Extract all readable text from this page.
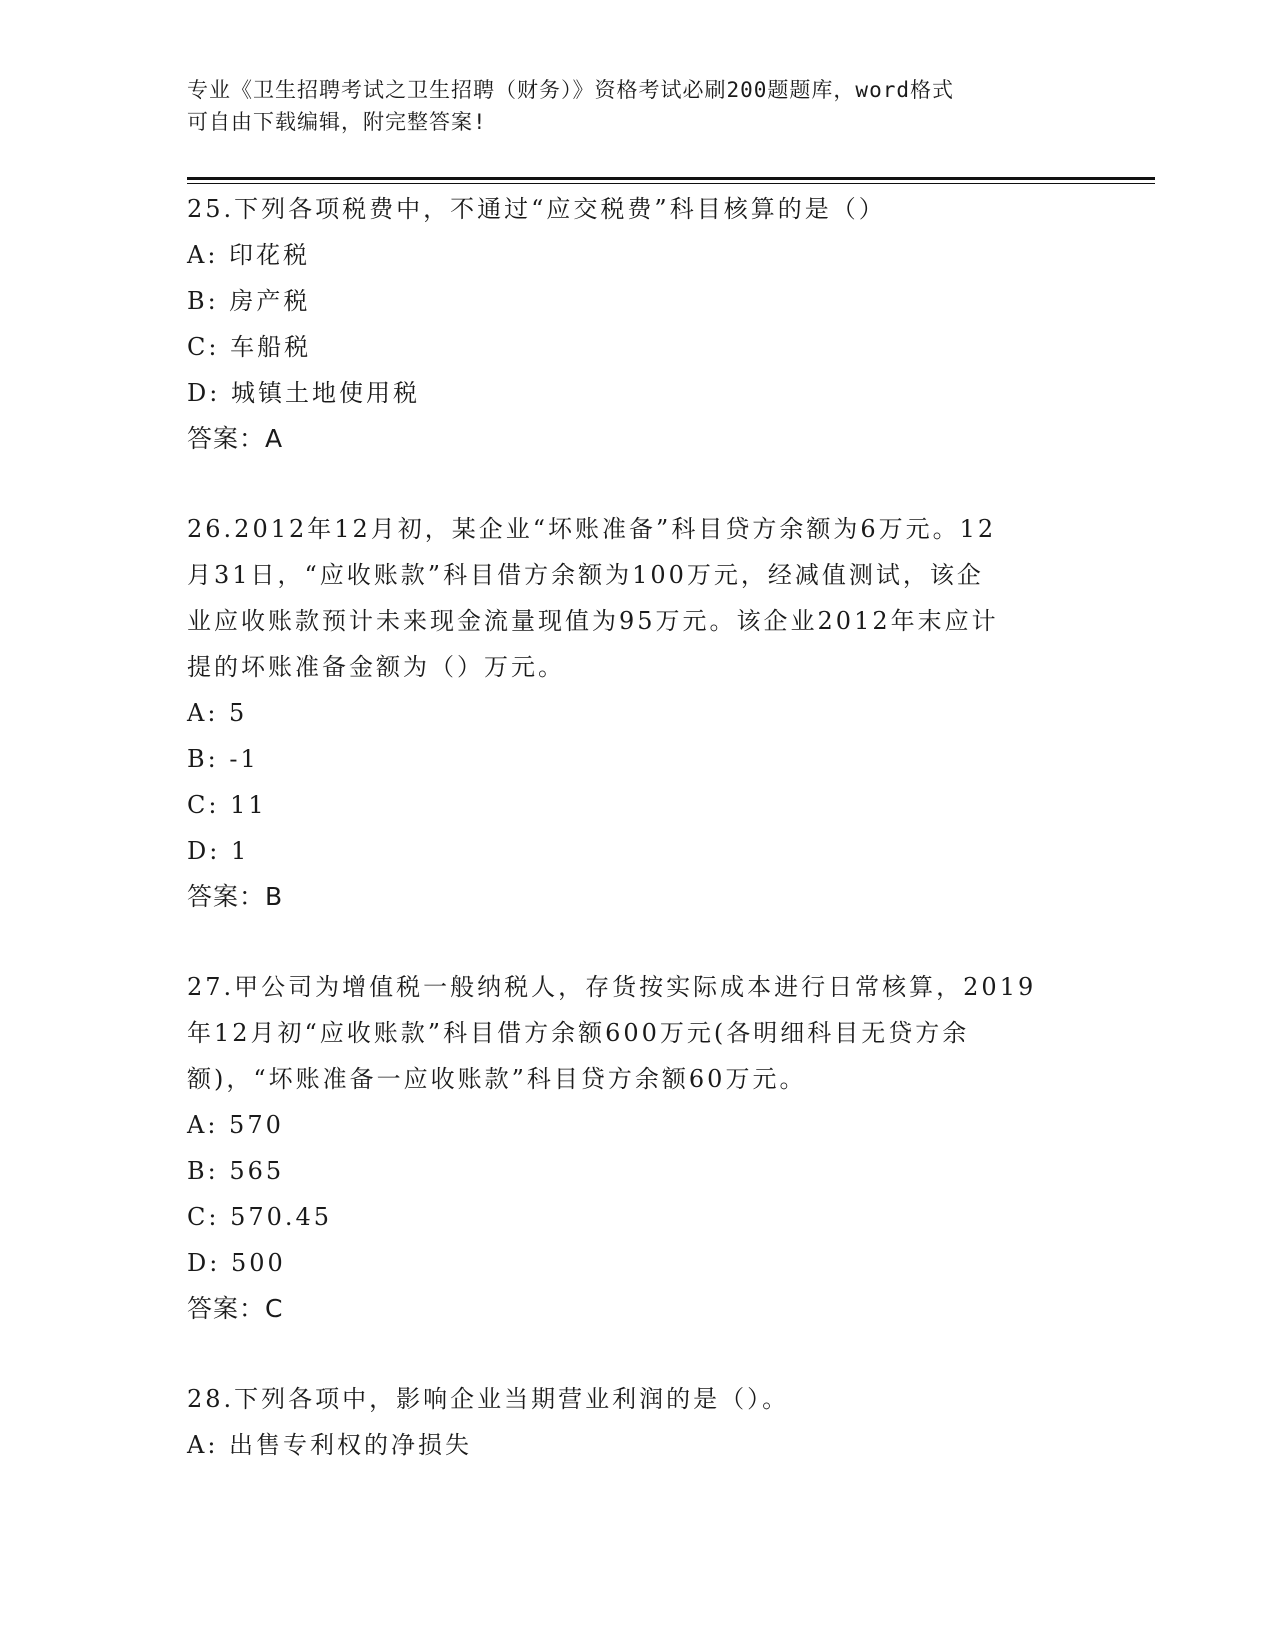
专业《卫生招聘考试之卫生招聘（财务）》资格考试必刷200题题库，word格式
可自由下载编辑，附完整答案!
25.下列各项税费中，不通过“应交税费”科目核算的是（）
A: 印花税
B: 房产税
C: 车船税
D: 城镇土地使用税
答案：A
26.2012年12月初，某企业“坏账准备”科目贷方余额为6万元。12
月31日，“应收账款”科目借方余额为100万元，经减值测试，该企
业应收账款预计未来现金流量现值为95万元。该企业2012年末应计
提的坏账准备金额为（）万元。
A: 5
B: -1
C: 11
D: 1
答案：B
27.甲公司为增值税一般纳税人，存货按实际成本进行日常核算，2019
年12月初“应收账款”科目借方余额600万元(各明细科目无贷方余
额)，“坏账准备一应收账款”科目贷方余额60万元。
A: 570
B: 565
C: 570.45
D: 500
答案：C
28.下列各项中，影响企业当期营业利润的是（）。
A: 出售专利权的净损失
